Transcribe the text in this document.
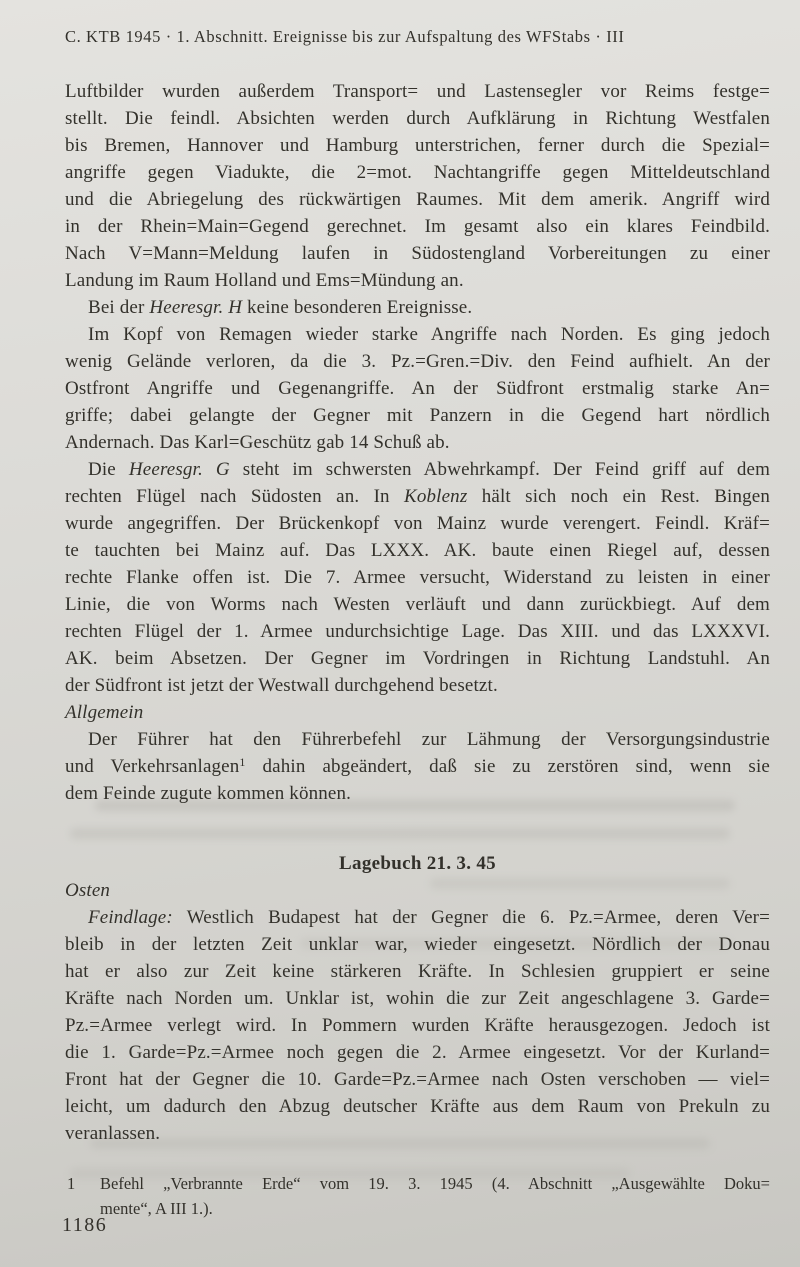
C. KTB 1945 · 1. Abschnitt. Ereignisse bis zur Aufspaltung des WFStabs · III
Luftbilder wurden außerdem Transport= und Lastensegler vor Reims festge=
stellt. Die feindl. Absichten werden durch Aufklärung in Richtung Westfalen
bis Bremen, Hannover und Hamburg unterstrichen, ferner durch die Spezial=
angriffe gegen Viadukte, die 2=mot. Nachtangriffe gegen Mitteldeutschland
und die Abriegelung des rückwärtigen Raumes. Mit dem amerik. Angriff wird
in der Rhein=Main=Gegend gerechnet. Im gesamt also ein klares Feindbild.
Nach V=Mann=Meldung laufen in Südostengland Vorbereitungen zu einer
Landung im Raum Holland und Ems=Mündung an.
Bei der Heeresgr. H keine besonderen Ereignisse.
Im Kopf von Remagen wieder starke Angriffe nach Norden. Es ging jedoch
wenig Gelände verloren, da die 3. Pz.=Gren.=Div. den Feind aufhielt. An der
Ostfront Angriffe und Gegenangriffe. An der Südfront erstmalig starke An=
griffe; dabei gelangte der Gegner mit Panzern in die Gegend hart nördlich
Andernach. Das Karl=Geschütz gab 14 Schuß ab.
Die Heeresgr. G steht im schwersten Abwehrkampf. Der Feind griff auf dem
rechten Flügel nach Südosten an. In Koblenz hält sich noch ein Rest. Bingen
wurde angegriffen. Der Brückenkopf von Mainz wurde verengert. Feindl. Kräf=
te tauchten bei Mainz auf. Das LXXX. AK. baute einen Riegel auf, dessen
rechte Flanke offen ist. Die 7. Armee versucht, Widerstand zu leisten in einer
Linie, die von Worms nach Westen verläuft und dann zurückbiegt. Auf dem
rechten Flügel der 1. Armee undurchsichtige Lage. Das XIII. und das LXXXVI.
AK. beim Absetzen. Der Gegner im Vordringen in Richtung Landstuhl. An
der Südfront ist jetzt der Westwall durchgehend besetzt.
Allgemein
Der Führer hat den Führerbefehl zur Lähmung der Versorgungsindustrie
und Verkehrsanlagen$^1$ dahin abgeändert, daß sie zu zerstören sind, wenn sie
dem Feinde zugute kommen können.
Lagebuch 21. 3. 45
Osten
Feindlage: Westlich Budapest hat der Gegner die 6. Pz.=Armee, deren Ver=
bleib in der letzten Zeit unklar war, wieder eingesetzt. Nördlich der Donau
hat er also zur Zeit keine stärkeren Kräfte. In Schlesien gruppiert er seine
Kräfte nach Norden um. Unklar ist, wohin die zur Zeit angeschlagene 3. Garde=
Pz.=Armee verlegt wird. In Pommern wurden Kräfte herausgezogen. Jedoch ist
die 1. Garde=Pz.=Armee noch gegen die 2. Armee eingesetzt. Vor der Kurland=
Front hat der Gegner die 10. Garde=Pz.=Armee nach Osten verschoben — viel=
leicht, um dadurch den Abzug deutscher Kräfte aus dem Raum von Prekuln zu
veranlassen.
1	Befehl „Verbrannte Erde“ vom 19. 3. 1945 (4. Abschnitt „Ausgewählte Doku=
mente“, A III 1.).
1186
